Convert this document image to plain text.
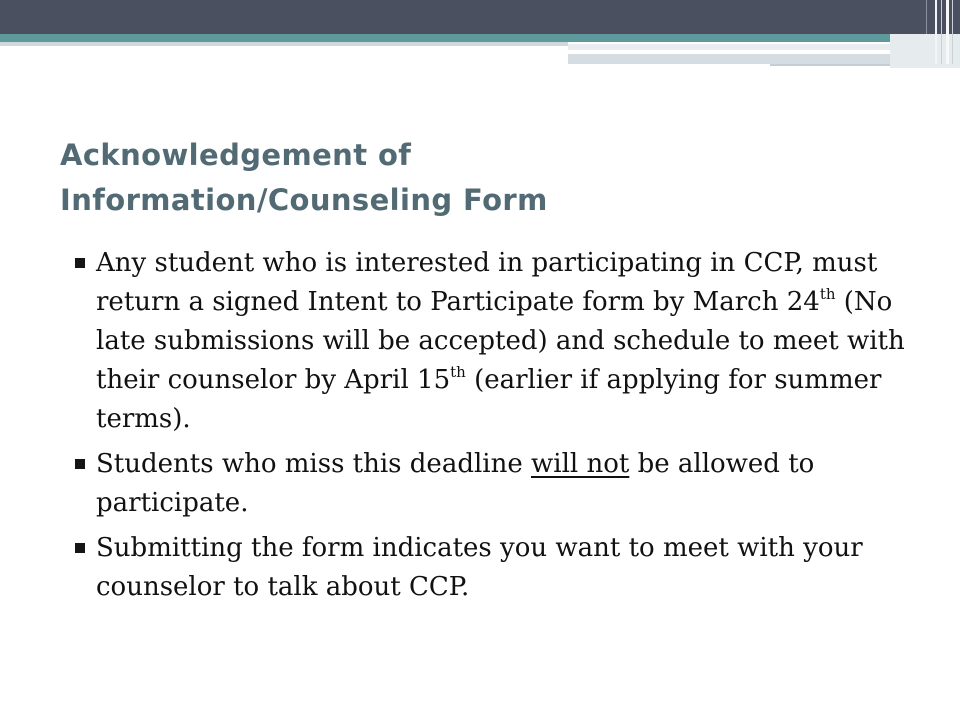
Acknowledgement of
Information/Counseling Form
Any student who is interested in participating in CCP, must return a signed Intent to Participate form by March 24th (No late submissions will be accepted) and schedule to meet with their counselor by April 15th (earlier if applying for summer terms).
Students who miss this deadline will not be allowed to participate.
Submitting the form indicates you want to meet with your counselor to talk about CCP.
